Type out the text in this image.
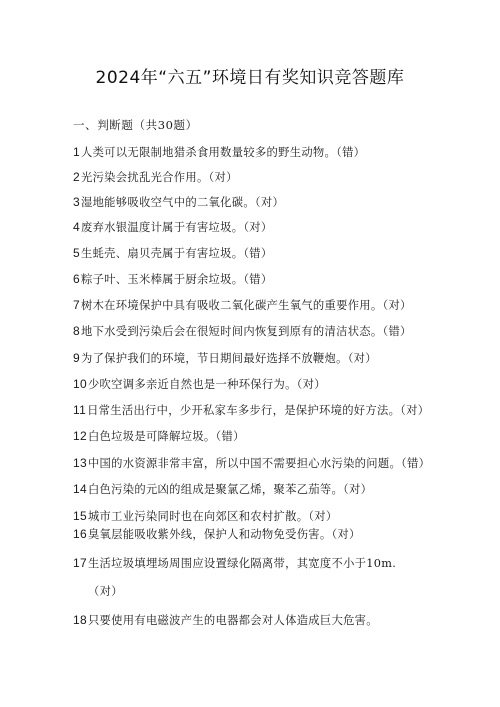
2024年“六五”环境日有奖知识竞答题库
一、判断题（共30题）
1人类可以无限制地猎杀食用数量较多的野生动物。（错）
2光污染会扰乱光合作用。（对）
3湿地能够吸收空气中的二氧化碳。（对）
4废弃水银温度计属于有害垃圾。（对）
5生蚝壳、扇贝壳属于有害垃圾。（错）
6粽子叶、玉米棒属于厨余垃圾。（错）
7树木在环境保护中具有吸收二氧化碳产生氧气的重要作用。（对）
8地下水受到污染后会在很短时间内恢复到原有的清洁状态。（错）
9为了保护我们的环境，节日期间最好选择不放鞭炮。（对）
10少吹空调多亲近自然也是一种环保行为。（对）
11日常生活出行中，少开私家车多步行，是保护环境的好方法。（对）
12白色垃圾是可降解垃圾。（错）
13中国的水资源非常丰富，所以中国不需要担心水污染的问题。（错）
14白色污染的元凶的组成是聚氯乙烯，聚苯乙茄等。（对）
15城市工业污染同时也在向郊区和农村扩散。（对）
16臭氧层能吸收紫外线，保护人和动物免受伤害。（对）
17生活垃圾填埋场周围应设置绿化隔离带，其宽度不小于10m.
（对）
18只要使用有电磁波产生的电器都会对人体造成巨大危害。
